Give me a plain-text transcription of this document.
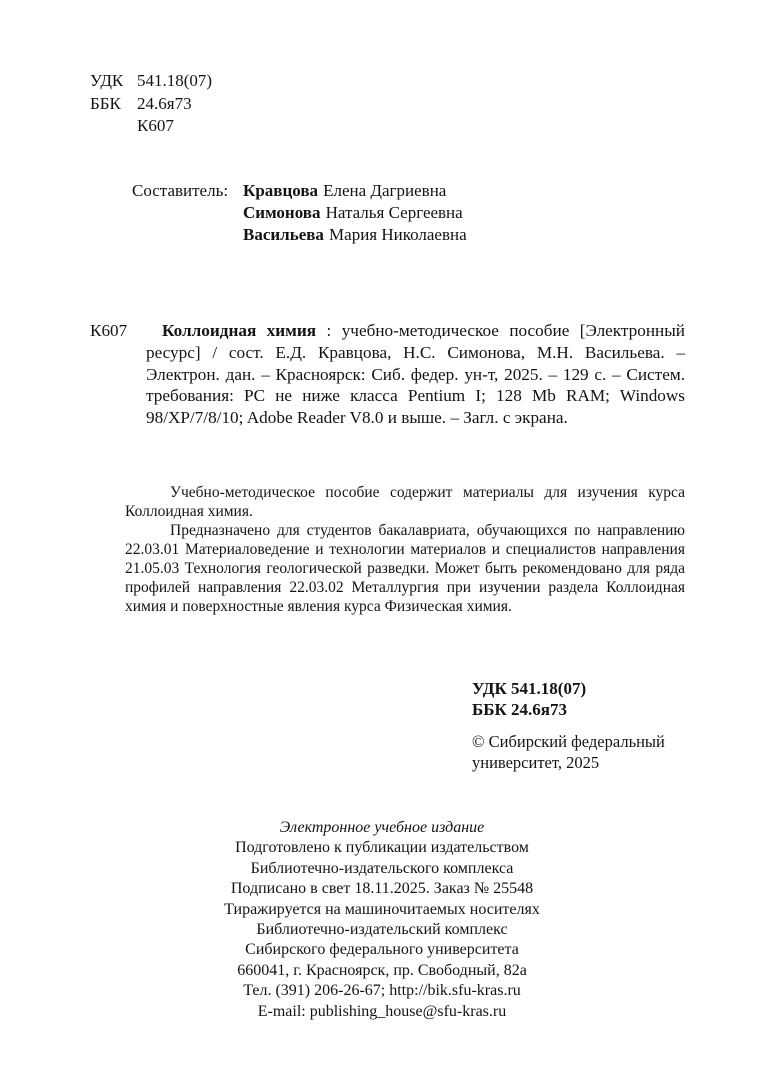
УДК 541.18(07)
ББК 24.6я73
К607
Составитель: Кравцова Елена Дагриевна
Симонова Наталья Сергеевна
Васильева Мария Николаевна
К607	Коллоидная химия : учебно-методическое пособие [Электронный ресурс] / сост. Е.Д. Кравцова, Н.С. Симонова, М.Н. Васильева. – Электрон. дан. – Красноярск: Сиб. федер. ун-т, 2025. – 129 с. – Систем. требования: PC не ниже класса Pentium I; 128 Mb RAM; Windows 98/XP/7/8/10; Adobe Reader V8.0 и выше. – Загл. с экрана.

Учебно-методическое пособие содержит материалы для изучения курса Коллоидная химия.

Предназначено для студентов бакалавриата, обучающихся по направлению 22.03.01 Материаловедение и технологии материалов и специалистов направления 21.05.03 Технология геологической разведки. Может быть рекомендовано для ряда профилей направления 22.03.02 Металлургия при изучении раздела Коллоидная химия и поверхностные явления курса Физическая химия.

УДК 541.18(07)
ББК 24.6я73
© Сибирский федеральный
университет, 2025
Электронное учебное издание
Подготовлено к публикации издательством
Библиотечно-издательского комплекса
Подписано в свет 18.11.2025. Заказ № 25548
Тиражируется на машиночитаемых носителях
Библиотечно-издательский комплекс
Сибирского федерального университета
660041, г. Красноярск, пр. Свободный, 82а
Тел. (391) 206-26-67; http://bik.sfu-kras.ru
E-mail: publishing_house@sfu-kras.ru
